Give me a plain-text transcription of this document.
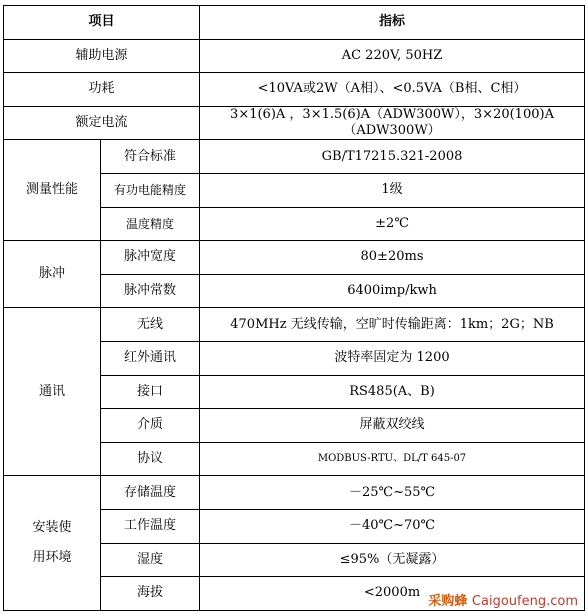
项目		指标
辅助电源		AC 220V, 50HZ
功耗		<10VA或2W（A相）、<0.5VA（B相、C相）
额定电流		3×1(6)A ，3×1.5(6)A（ADW300W），3×20(100)A（ADW300W）
测量性能	符合标准	GB/T17215.321-2008
	有功电能精度	1级
	温度精度	±2℃
脉冲	脉冲宽度	80±20ms
	脉冲常数	6400imp/kwh
通讯	无线	470MHz 无线传输，空旷时传输距离：1km；2G；NB
	红外通讯	波特率固定为 1200
	接口	RS485(A、B)
	介质	屏蔽双绞线
	协议	MODBUS-RTU、DL/T 645-07

安装使
用环境	存储温度	－25℃~55℃
	工作温度	－40℃~70℃
	湿度	≤95%（无凝露）
	海拔	<2000m
采购蜂 Caigoufeng.com
